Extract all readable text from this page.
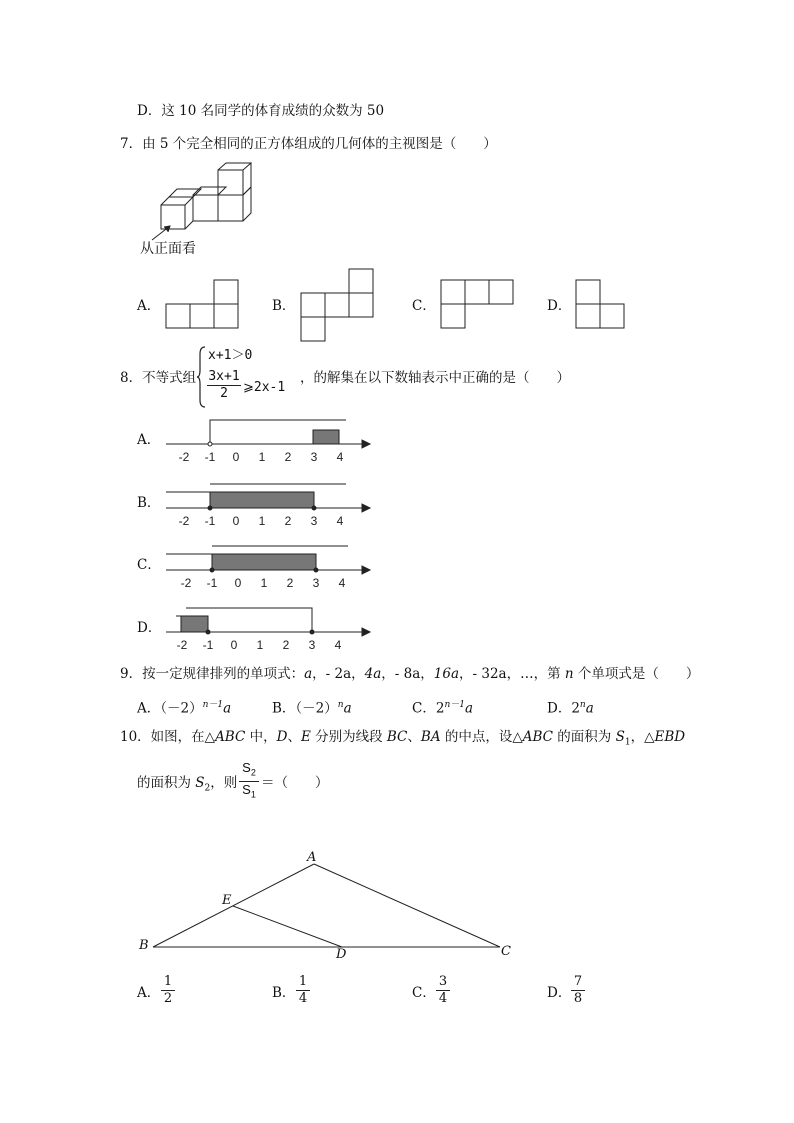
D．这 10 名同学的体育成绩的众数为 50
7．由 5 个完全相同的正方体组成的几何体的主视图是（　　）
从正面看
A．	B．	C．	D．
8．不等式组
x+1＞0
3x+1
2	⩾2x-1
，的解集在以下数轴表示中正确的是（　　）
A．
-2 -1 0 1 2 3 4
B．
-2 -1 0 1 2 3 4
C．
-2 -1 0 1 2 3 4
D．
-2 -1 0 1 2 3 4
9．按一定规律排列的单项式：a，- 2a，4a，- 8a，16a，- 32a，…，第 n 个单项式是（　　）
A．$(-2)^{n-1}a$	B．$(-2)^na$	C．$2^{n-1}a$	D．2$^n$a
10．如图，在△ABC 中，D、E 分别为线段 BC、BA 的中点，设△ABC 的面积为 $S_1$，△EBD
的面积为 $S_2$，则
$S_2$
$S_1$
＝（　　）
A
B	C
D
E
A．
1
2	B．
1
4	C．
3
4	D．
7
8
